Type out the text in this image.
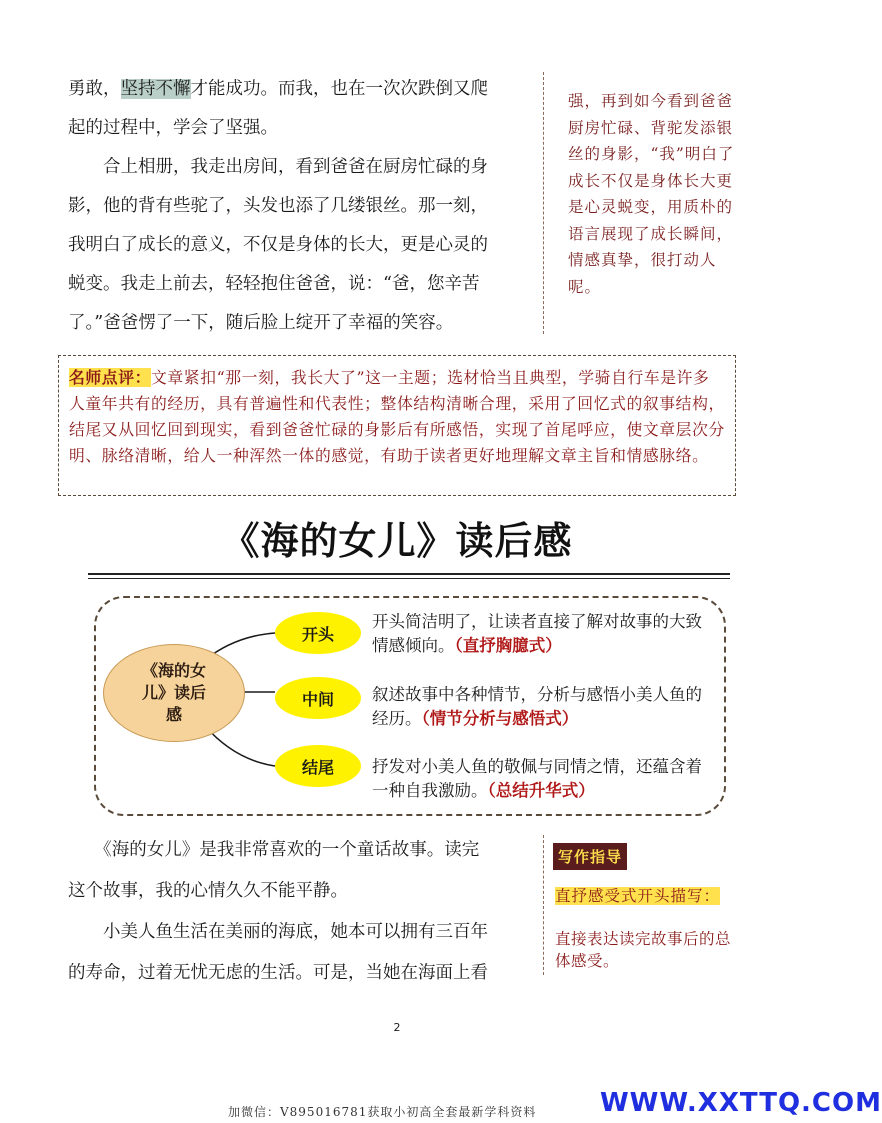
勇敢，坚持不懈才能成功。而我，也在一次次跌倒又爬

起的过程中，学会了坚强。

　　合上相册，我走出房间，看到爸爸在厨房忙碌的身

影，他的背有些驼了，头发也添了几缕银丝。那一刻，

我明白了成长的意义，不仅是身体的长大，更是心灵的

蜕变。我走上前去，轻轻抱住爸爸，说：“爸，您辛苦

了。”爸爸愣了一下，随后脸上绽开了幸福的笑容。

强，再到如今看到爸爸厨房忙碌、背驼发添银丝的身影，“我”明白了成长不仅是身体长大更是心灵蜕变，用质朴的语言展现了成长瞬间，情感真挚，很打动人呢。
名师点评：文章紧扣“那一刻，我长大了”这一主题；选材恰当且典型，学骑自行车是许多人童年共有的经历，具有普遍性和代表性；整体结构清晰合理，采用了回忆式的叙事结构，结尾又从回忆回到现实，看到爸爸忙碌的身影后有所感悟，实现了首尾呼应，使文章层次分明、脉络清晰，给人一种浑然一体的感觉，有助于读者更好地理解文章主旨和情感脉络。
《海的女儿》读后感
《海的女
儿》读后
感
开头
开头简洁明了，让读者直接了解对故事的大致情感倾向。（直抒胸臆式）
中间	叙述故事中各种情节，分析与感悟小美人鱼的经历。（情节分析与感悟式）
结尾	抒发对小美人鱼的敬佩与同情之情，还蕴含着一种自我激励。（总结升华式）

　　《海的女儿》是我非常喜欢的一个童话故事。读完

这个故事，我的心情久久不能平静。

　　小美人鱼生活在美丽的海底，她本可以拥有三百年

的寿命，过着无忧无虑的生活。可是，当她在海面上看

写作指导
直抒感受式开头描写：
直接表达读完故事后的总体感受。
2
加微信：V895016781获取小初高全套最新学科资料 WWW.XXTTQ.COM
